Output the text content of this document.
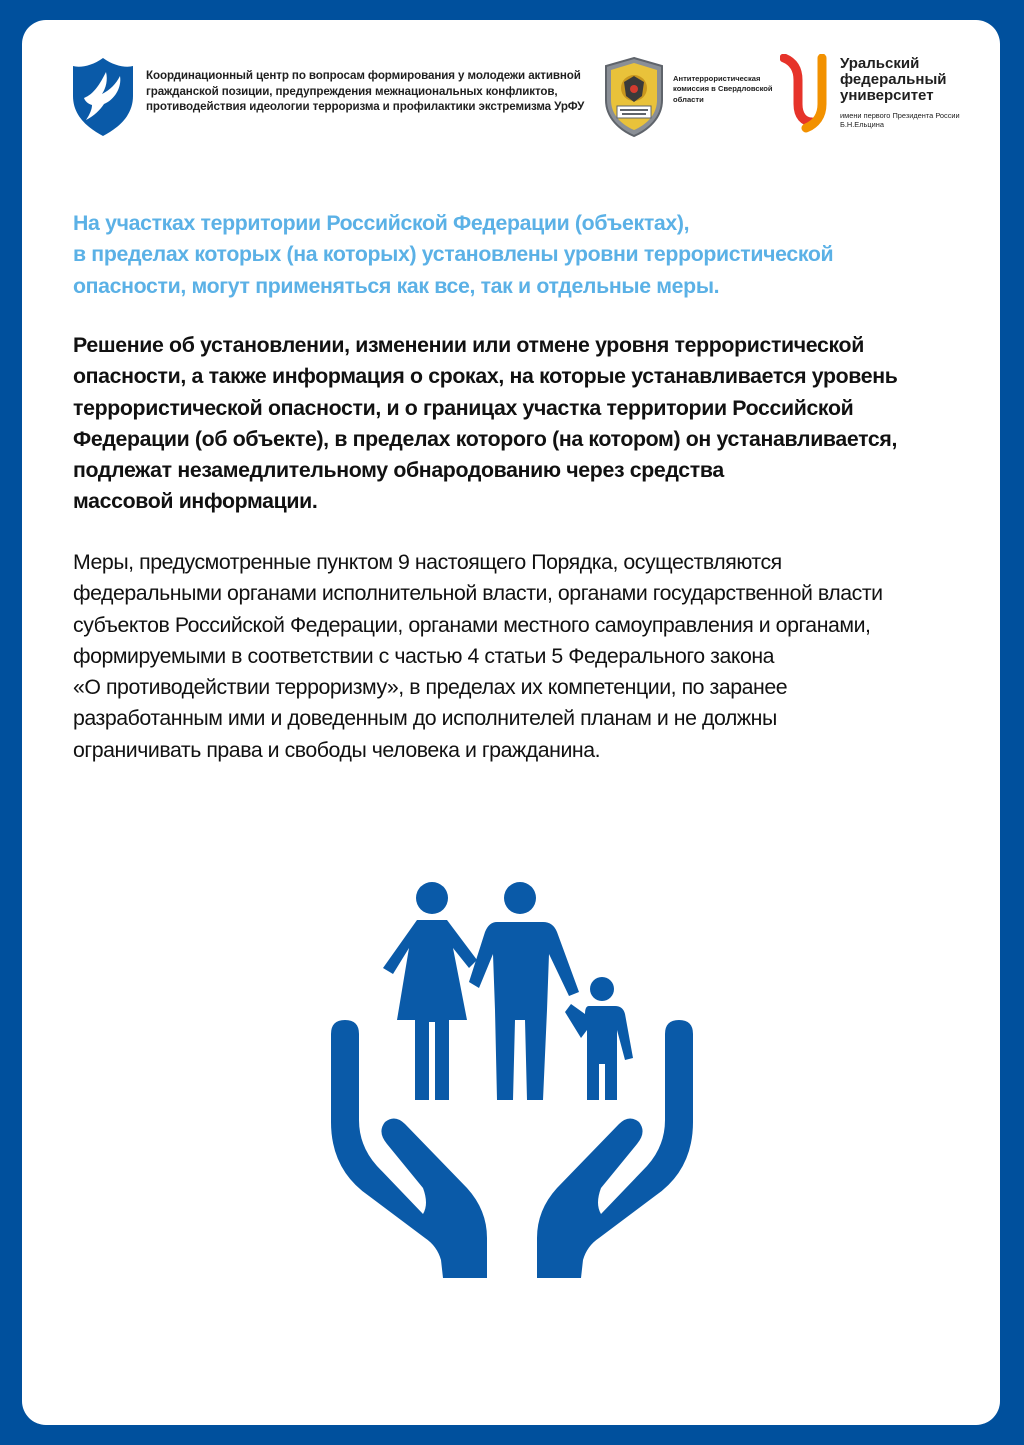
Координационный центр по вопросам формирования у молодежи активной гражданской позиции, предупреждения межнациональных конфликтов, противодействия идеологии терроризма и профилактики экстремизма УрФУ
Антитеррористическая комиссия в Свердловской области
Уральский федеральный университет
имени первого Президента России Б.Н.Ельцина
На участках территории Российской Федерации (объектах),
в пределах которых (на которых) установлены уровни террористической
опасности, могут применяться как все, так и отдельные меры.
Решение об установлении, изменении или отмене уровня террористической
опасности, а также информация о сроках, на которые устанавливается уровень
террористической опасности, и о границах участка территории Российской
Федерации (об объекте), в пределах которого (на котором) он устанавливается,
подлежат незамедлительному обнародованию через средства
массовой информации.
Меры, предусмотренные пунктом 9 настоящего Порядка, осуществляются
федеральными органами исполнительной власти, органами государственной власти
субъектов Российской Федерации, органами местного самоуправления и органами,
формируемыми в соответствии с частью 4 статьи 5 Федерального закона
«О противодействии терроризму», в пределах их компетенции, по заранее
разработанным ими и доведенным до исполнителей планам и не должны
ограничивать права и свободы человека и гражданина.
